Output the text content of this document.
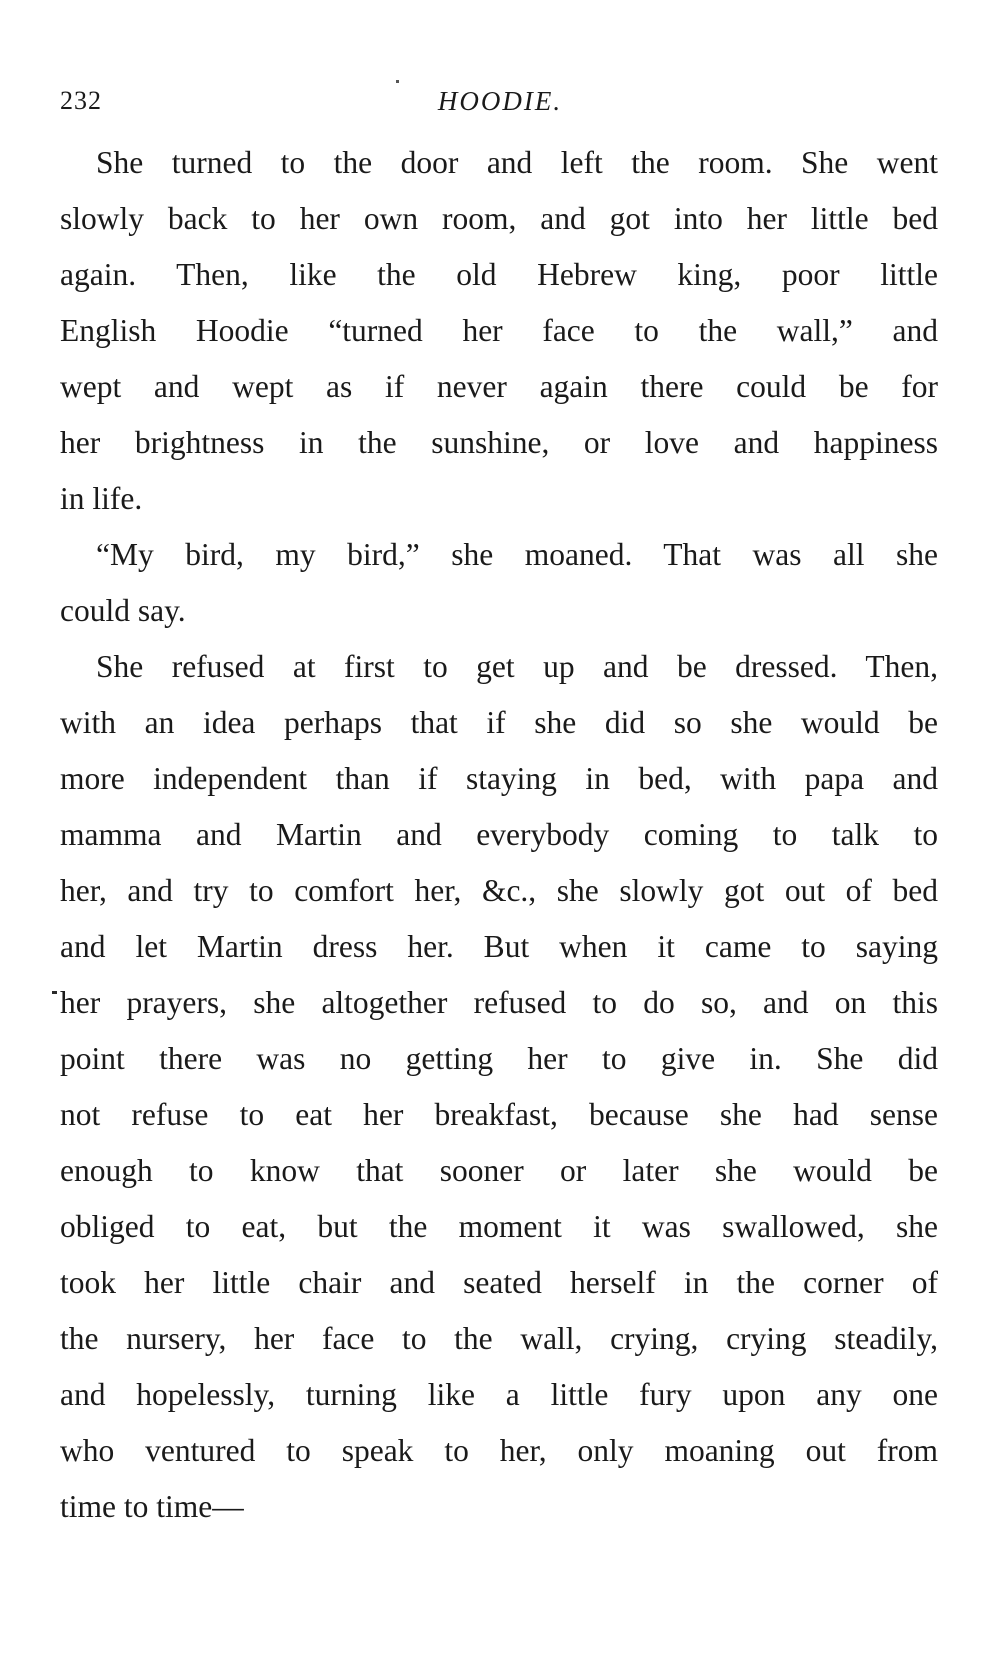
232	HOODIE.
She turned to the door and left the room. She went
slowly back to her own room, and got into her little bed
again. Then, like the old Hebrew king, poor little
English Hoodie “turned her face to the wall,” and
wept and wept as if never again there could be for
her brightness in the sunshine, or love and happiness
in life.
“My bird, my bird,” she moaned. That was all she
could say.
She refused at first to get up and be dressed. Then,
with an idea perhaps that if she did so she would be
more independent than if staying in bed, with papa and
mamma and Martin and everybody coming to talk to
her, and try to comfort her, &c., she slowly got out of bed
and let Martin dress her. But when it came to saying
her prayers, she altogether refused to do so, and on this
point there was no getting her to give in. She did
not refuse to eat her breakfast, because she had sense
enough to know that sooner or later she would be
obliged to eat, but the moment it was swallowed, she
took her little chair and seated herself in the corner of
the nursery, her face to the wall, crying, crying steadily,
and hopelessly, turning like a little fury upon any one
who ventured to speak to her, only moaning out from
time to time—
